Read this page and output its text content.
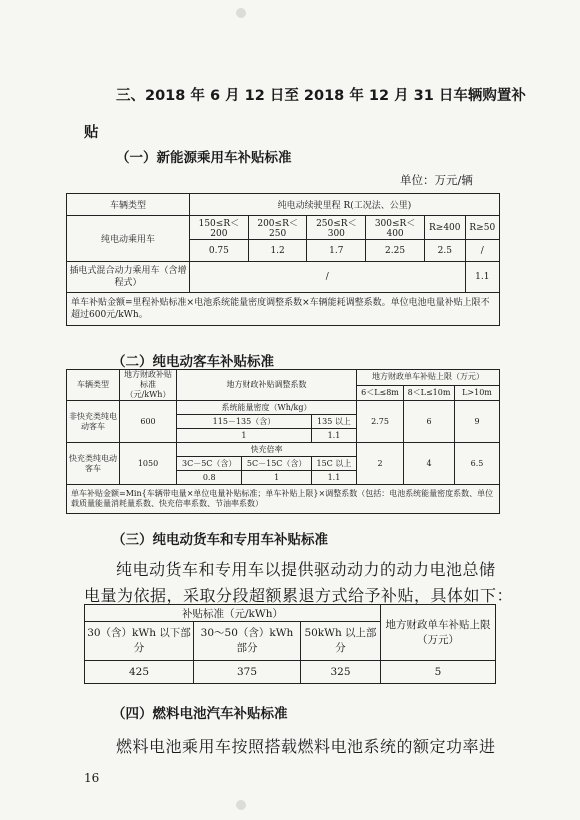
三、2018 年 6 月 12 日至 2018 年 12 月 31 日车辆购置补
贴
（一）新能源乘用车补贴标准
单位：万元/辆
车辆类型	纯电动续驶里程 R(工况法、公里)					
纯电动乘用车	150≤R＜200	200≤R＜250	250≤R＜300	300≤R＜400	R≥400	R≥50
	0.75	1.2	1.7	2.25	2.5	/
插电式混合动力乘用车（含增程式）	/					1.1
单车补贴金额=里程补贴标准×电池系统能量密度调整系数×车辆能耗调整系数。单位电池电量补贴上限不超过600元/kWh。						
（二）纯电动客车补贴标准
车辆类型	地方财政补贴标准（元/kWh）	地方财政补贴调整系数			地方财政单车补贴上限（万元）		
					6＜L≤8m	8＜L≤10m	L>10m
非快充类纯电动客车	600	系统能量密度（Wh/kg）			2.75	6	9
		115－135（含）		135 以上			
		1		1.1			
快充类纯电动客车	1050	快充倍率			2	4	6.5
		3C－5C（含）	5C－15C（含）	15C 以上			
		0.8	1	1.1			
单车补贴金额=Min{车辆带电量×单位电量补贴标准；单车补贴上限}×调整系数（包括：电池系统能量密度系数、单位载质量能量消耗量系数、快充倍率系数、节油率系数）							
（三）纯电动货车和专用车补贴标准
纯电动货车和专用车以提供驱动动力的动力电池总储
电量为依据，采取分段超额累退方式给予补贴，具体如下：
补贴标准（元/kWh）			地方财政单车补贴上限（万元）
30（含）kWh 以下部分	30～50（含）kWh 部分	50kWh 以上部分	
425	375	325	5
（四）燃料电池汽车补贴标准
燃料电池乘用车按照搭载燃料电池系统的额定功率进
16
